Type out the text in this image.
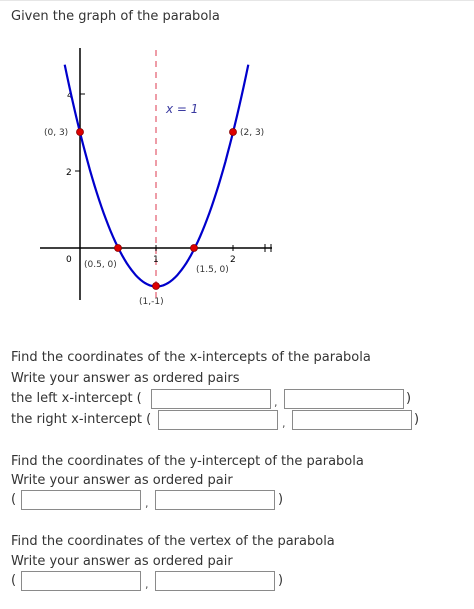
Given the graph of the parabola
4
2
0	1	2
x = 1
(0, 3)	(2, 3)
(0.5, 0)	(1.5, 0)
(1,-1)
Find the coordinates of the x-intercepts of the parabola
Write your answer as ordered pairs
the left x-intercept (	,	)
the right x-intercept (	,	)
Find the coordinates of the y-intercept of the parabola
Write your answer as ordered pair
(	,	)
Find the coordinates of the vertex of the parabola
Write your answer as ordered pair
(	,	)
